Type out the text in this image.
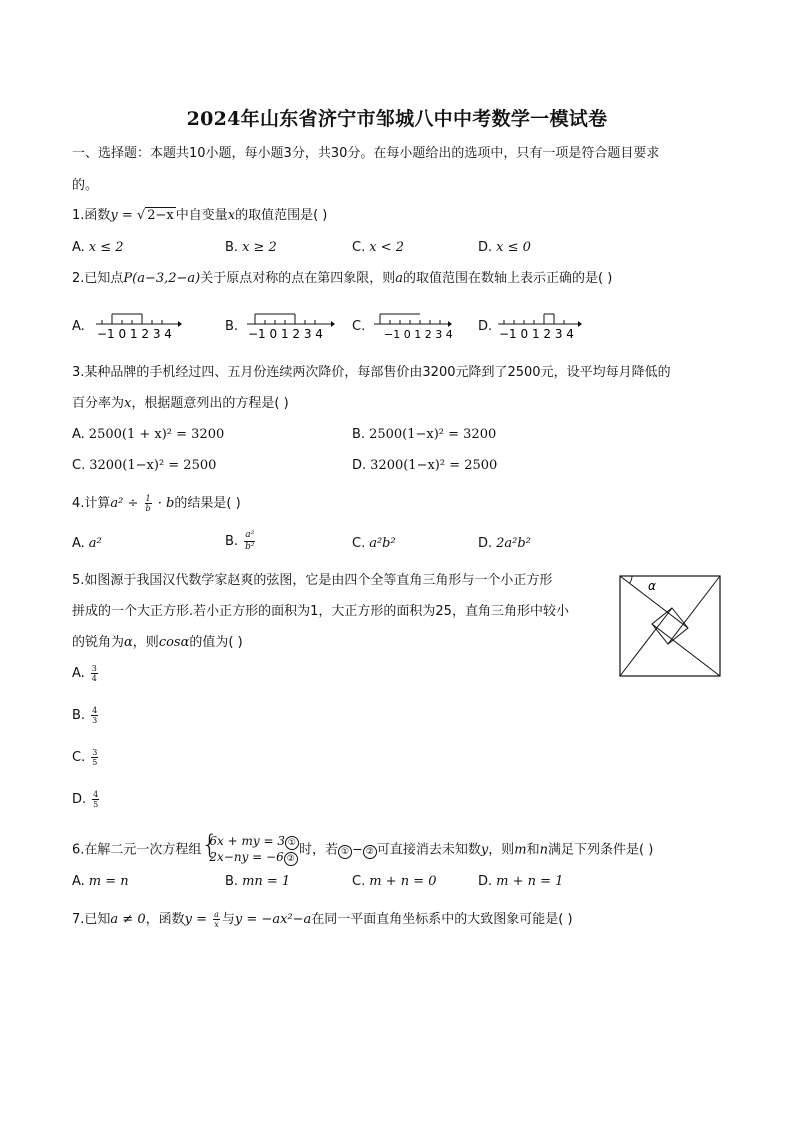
2024年山东省济宁市邹城八中中考数学一模试卷
一、选择题：本题共10小题，每小题3分，共30分。在每小题给出的选项中，只有一项是符合题目要求
的。
1.函数y = √ 2−x 中自变量x的取值范围是( )
A. x ≤ 2	B. x ≥ 2	C. x < 2	D. x ≤ 0
2.已知点P(a−3,2−a)关于原点对称的点在第四象限，则a的取值范围在数轴上表示正确的是( )
A. −1 0 1 2 3 4	B. −1 0 1 2 3 4 C.
−1 0 1 2 3 4
D. −1 0 1 2 3 4
3.某种品牌的手机经过四、五月份连续两次降价，每部售价由3200元降到了2500元，设平均每月降低的
百分率为x，根据题意列出的方程是( )
A. 2500(1 + x)² = 3200	B. 2500(1−x)² = 3200
C. 3200(1−x)² = 2500	D. 3200(1−x)² = 2500
4.计算$a^2 \div \frac{1}{b} \cdot b$的结果是( )
A. a²	B. $\frac{\text{a²}}{\text{b²}}$	C. a²b²	D. 2a²b²
5.如图源于我国汉代数学家赵爽的弦图，它是由四个全等直角三角形与一个小正方形
拼成的一个大正方形.若小正方形的面积为1，大正方形的面积为25，直角三角形中较小
的锐角为α，则cosα的值为( )
α
A. $\frac{3}{4}$
B. $\frac{4}{3}$
C. $\frac{3}{5}$
D. $\frac{4}{5}$
6.在解二元一次方程组
{ 6x + my = 3 ①
2x−ny = −6 ②
时，若 ① − ② 可直接消去未知数y，则m和n满足下列条件是( )
A. m = n	B. mn = 1	C. m + n = 0	D. m + n = 1
7.已知a ≠ 0，函数$y = \frac{a}{x}$ 与y = −ax²−a在同一平面直角坐标系中的大致图象可能是( )
